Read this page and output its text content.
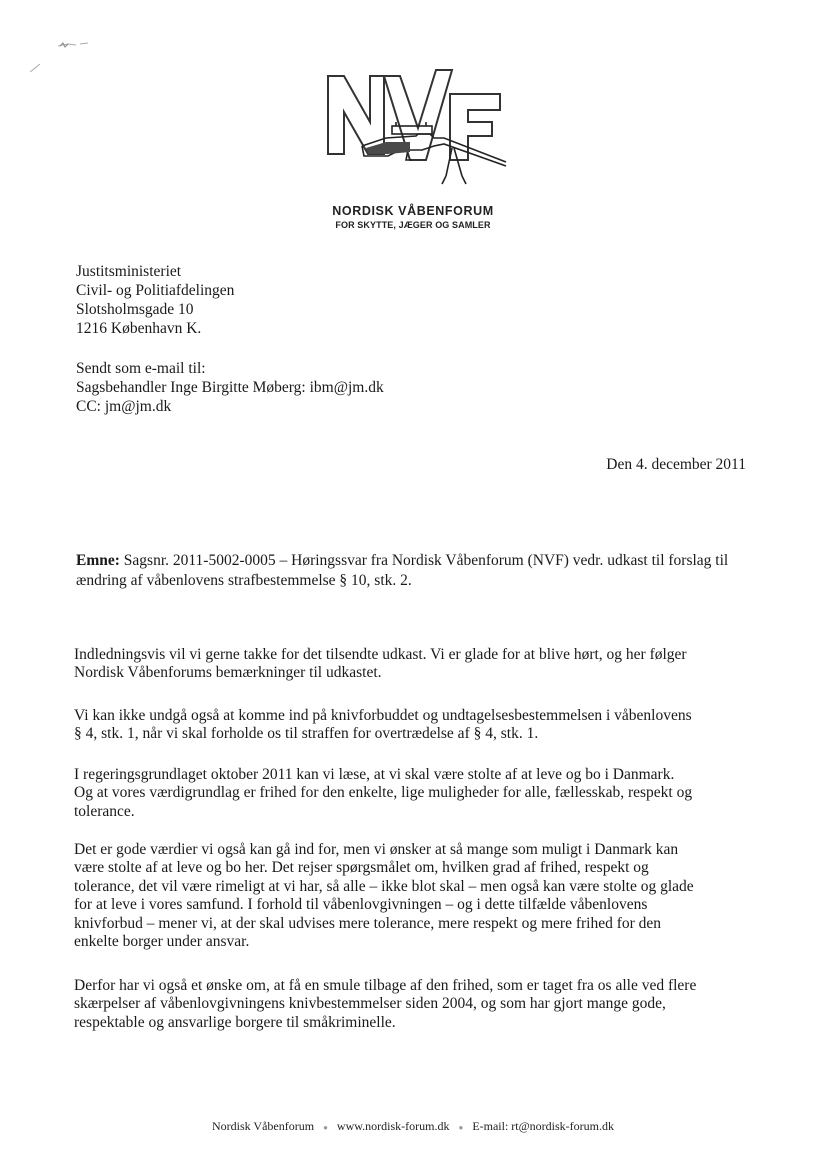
NORDISK VÅBENFORUM
FOR SKYTTE, JÆGER OG SAMLER
Justitsministeriet
Civil- og Politiafdelingen
Slotsholmsgade 10
1216 København K.
Sendt som e-mail til:
Sagsbehandler Inge Birgitte Møberg: ibm@jm.dk
CC: jm@jm.dk
Den 4. december 2011
Emne: Sagsnr. 2011-5002-0005 – Høringssvar fra Nordisk Våbenforum (NVF) vedr. udkast til forslag til ændring af våbenlovens strafbestemmelse § 10, stk. 2.
Indledningsvis vil vi gerne takke for det tilsendte udkast. Vi er glade for at blive hørt, og her følger
Nordisk Våbenforums bemærkninger til udkastet.
Vi kan ikke undgå også at komme ind på knivforbuddet og undtagelsesbestemmelsen i våbenlovens
§ 4, stk. 1, når vi skal forholde os til straffen for overtrædelse af § 4, stk. 1.
I regeringsgrundlaget oktober 2011 kan vi læse, at vi skal være stolte af at leve og bo i Danmark.
Og at vores værdigrundlag er frihed for den enkelte, lige muligheder for alle, fællesskab, respekt og
tolerance.
Det er gode værdier vi også kan gå ind for, men vi ønsker at så mange som muligt i Danmark kan
være stolte af at leve og bo her. Det rejser spørgsmålet om, hvilken grad af frihed, respekt og
tolerance, det vil være rimeligt at vi har, så alle – ikke blot skal – men også kan være stolte og glade
for at leve i vores samfund. I forhold til våbenlovgivningen – og i dette tilfælde våbenlovens
knivforbud – mener vi, at der skal udvises mere tolerance, mere respekt og mere frihed for den
enkelte borger under ansvar.
Derfor har vi også et ønske om, at få en smule tilbage af den frihed, som er taget fra os alle ved flere
skærpelser af våbenlovgivningens knivbestemmelser siden 2004, og som har gjort mange gode,
respektable og ansvarlige borgere til småkriminelle.
Nordisk Våbenforum ● www.nordisk-forum.dk ● E-mail: rt@nordisk-forum.dk
